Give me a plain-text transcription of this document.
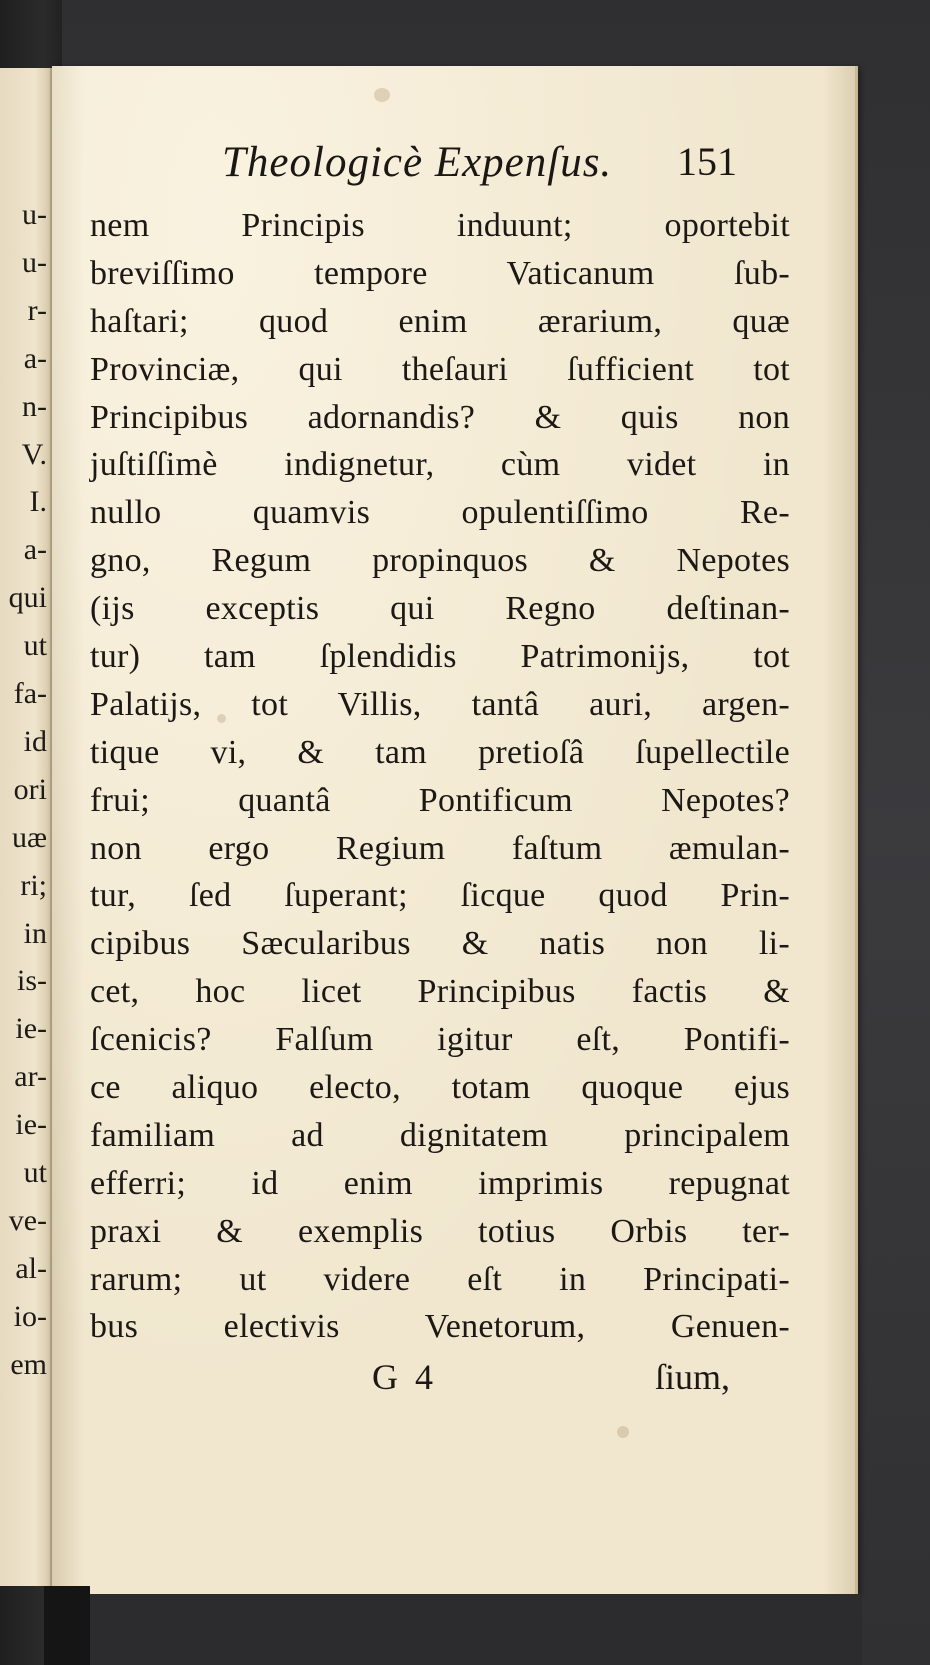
u-
u-
r-
a-
n-
V.
I.
a-
qui
ut
fa-
id
ori
uæ
ri;
in
is-
ie-
ar-
ie-
ut
ve-
al-
io-
em
Theologicè Expenſus. 151
nem Principis induunt; oportebit
breviſſimo tempore Vaticanum ſub-
haſtari; quod enim ærarium, quæ
Provinciæ, qui theſauri ſufficient tot
Principibus adornandis? & quis non
juſtiſſimè indignetur, cùm videt in
nullo quamvis opulentiſſimo Re-
gno, Regum propinquos & Nepotes
(ijs exceptis qui Regno deſtinan-
tur) tam ſplendidis Patrimonijs, tot
Palatijs, tot Villis, tantâ auri, argen-
tique vi, & tam pretioſâ ſupellectile
frui; quantâ Pontificum Nepotes?
non ergo Regium faſtum æmulan-
tur, ſed ſuperant; ſicque quod Prin-
cipibus Sæcularibus & natis non li-
cet, hoc licet Principibus factis &
ſcenicis? Falſum igitur eſt, Pontifi-
ce aliquo electo, totam quoque ejus
familiam ad dignitatem principalem
efferri; id enim imprimis repugnat
praxi & exemplis totius Orbis ter-
rarum; ut videre eſt in Principati-
bus electivis Venetorum, Genuen-
G 4	ſium,
